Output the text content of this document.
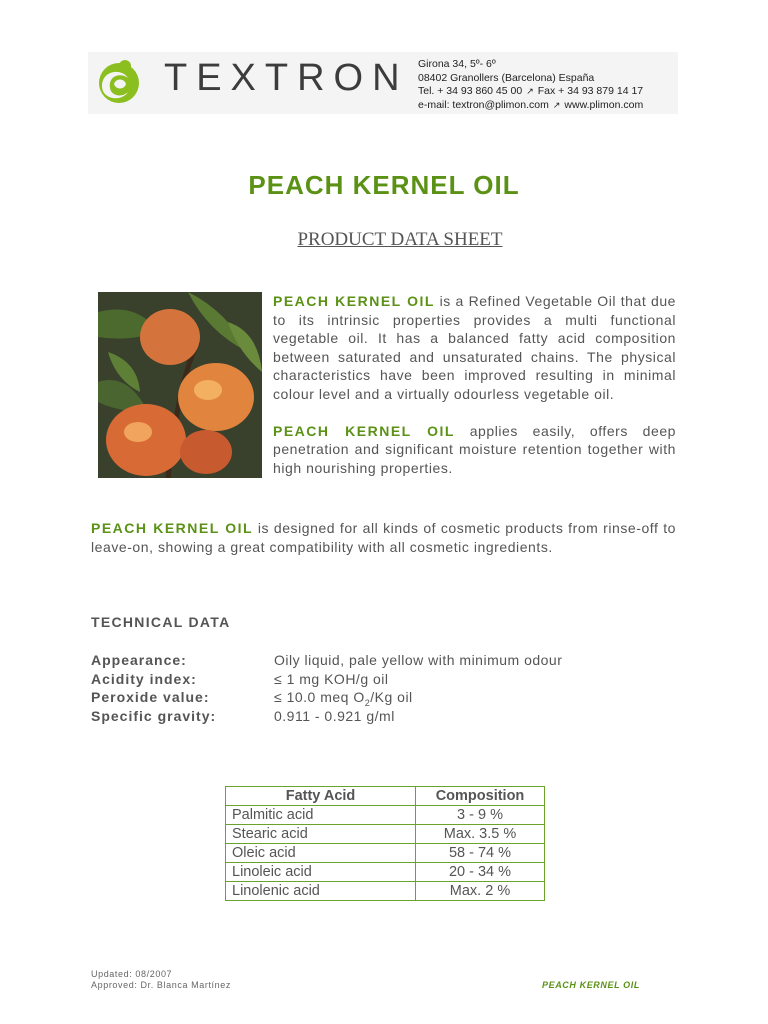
TEXTRON Girona 34, 5º- 6º
08402 Granollers (Barcelona) España
Tel. + 34 93 860 45 00 ↗ Fax + 34 93 879 14 17
e-mail: textron@plimon.com ↗ www.plimon.com
PEACH KERNEL OIL
PRODUCT DATA SHEET

PEACH KERNEL OIL is a Refined Vegetable Oil that due to its intrinsic properties provides a multi functional vegetable oil. It has a balanced fatty acid composition between saturated and unsaturated chains. The physical characteristics have been improved resulting in minimal colour level and a virtually odourless vegetable oil.

PEACH KERNEL OIL applies easily, offers deep penetration and significant moisture retention together with high nourishing properties.

PEACH KERNEL OIL is designed for all kinds of cosmetic products from rinse-off to leave-on, showing a great compatibility with all cosmetic ingredients.

TECHNICAL DATA
Appearance:	Oily liquid, pale yellow with minimum odour
Acidity index:	≤ 1 mg KOH/g oil
Peroxide value:	≤ 10.0 meq $O_2/Kg$ oil
Specific gravity:	0.911 - 0.921 g/ml
Fatty Acid	Composition
Palmitic acid	3 - 9 %
Stearic acid	Max. 3.5 %
Oleic acid	58 - 74 %
Linoleic acid	20 - 34 %
Linolenic acid	Max. 2 %
Updated: 08/2007
Approved: Dr. Blanca Martínez	PEACH KERNEL OIL
